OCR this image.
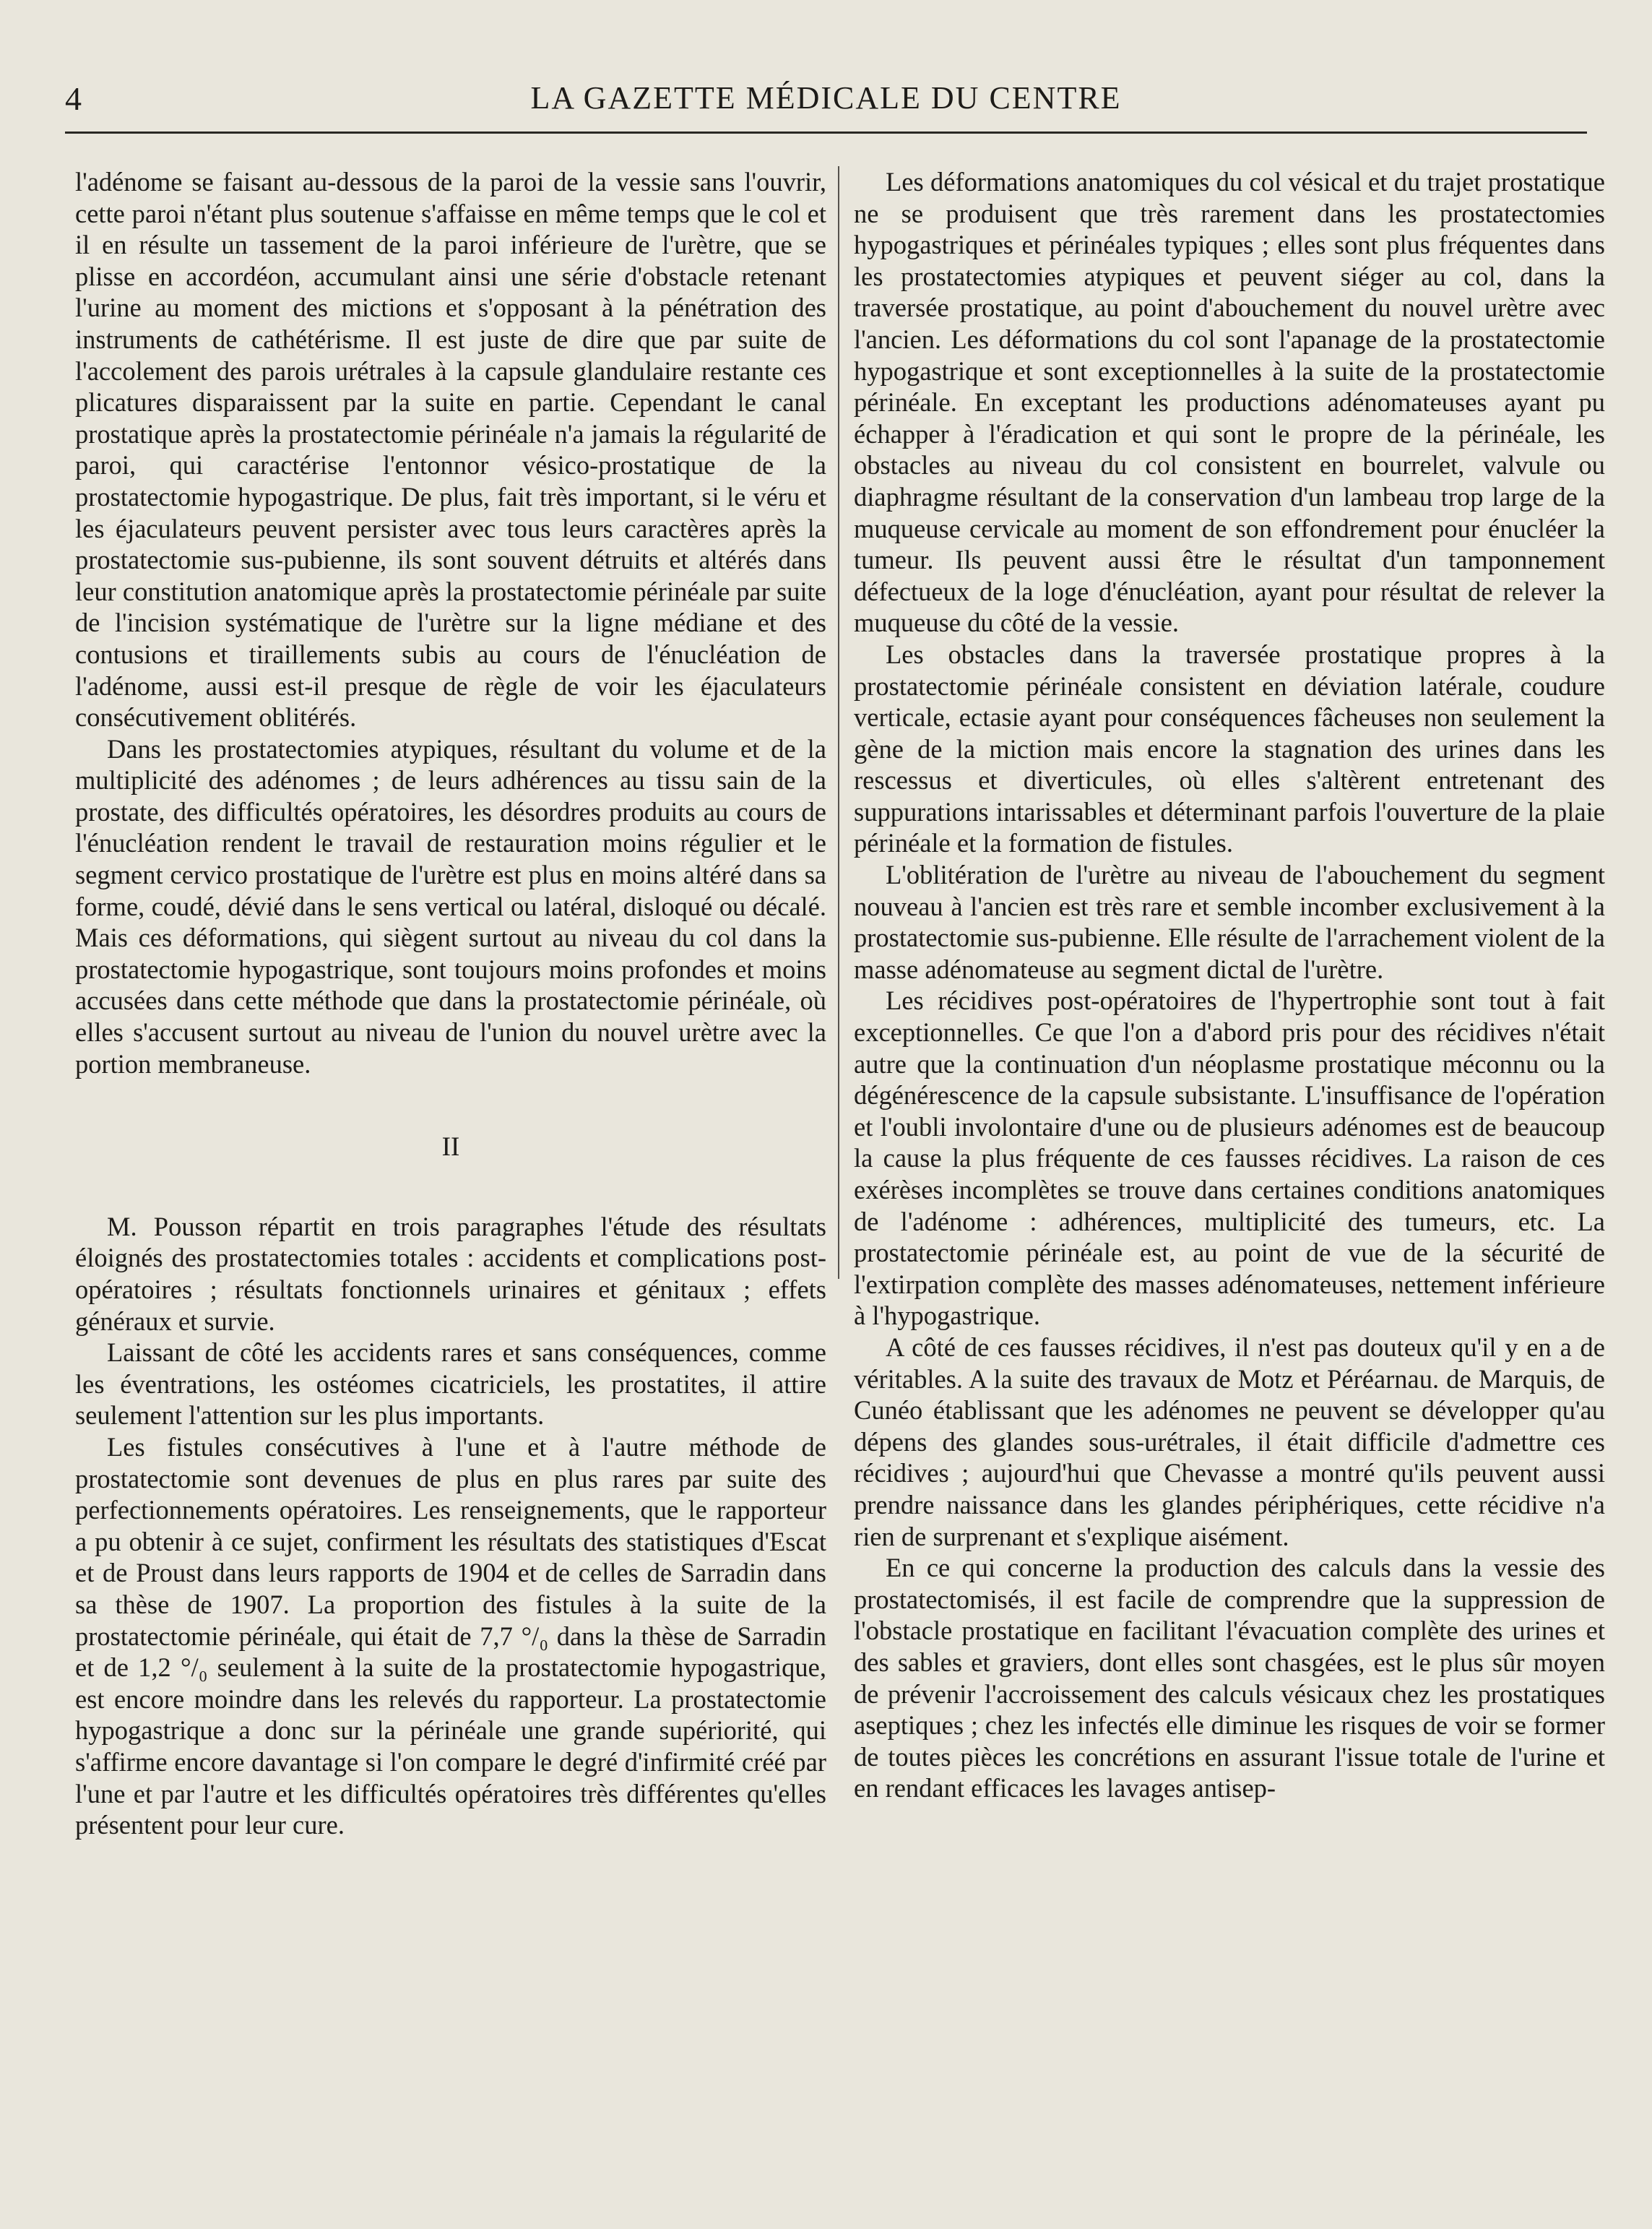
4	LA GAZETTE MÉDICALE DU CENTRE

l'adénome se faisant au-dessous de la paroi de la vessie sans l'ouvrir, cette paroi n'étant plus soutenue s'affaisse en même temps que le col et il en résulte un tassement de la paroi inférieure de l'urètre, que se plisse en accordéon, accumulant ainsi une série d'obstacle retenant l'urine au moment des mictions et s'opposant à la pénétration des instruments de cathétérisme. Il est juste de dire que par suite de l'accolement des parois urétrales à la capsule glandulaire restante ces plicatures disparaissent par la suite en partie. Cependant le canal prostatique après la prostatectomie périnéale n'a jamais la régularité de paroi, qui caractérise l'entonnor vésico-prostatique de la prostatectomie hypogastrique. De plus, fait très important, si le véru et les éjaculateurs peuvent persister avec tous leurs caractères après la prostatectomie sus-pubienne, ils sont souvent détruits et altérés dans leur constitution anatomique après la prostatectomie périnéale par suite de l'incision systématique de l'urètre sur la ligne médiane et des contusions et tiraillements subis au cours de l'énucléation de l'adénome, aussi est-il presque de règle de voir les éjaculateurs consécutivement oblitérés.

Dans les prostatectomies atypiques, résultant du volume et de la multiplicité des adénomes ; de leurs adhérences au tissu sain de la prostate, des difficultés opératoires, les désordres produits au cours de l'énucléation rendent le travail de restauration moins régulier et le segment cervico prostatique de l'urètre est plus en moins altéré dans sa forme, coudé, dévié dans le sens vertical ou latéral, disloqué ou décalé. Mais ces déformations, qui siègent surtout au niveau du col dans la prostatectomie hypogastrique, sont toujours moins profondes et moins accusées dans cette méthode que dans la prostatectomie périnéale, où elles s'accusent surtout au niveau de l'union du nouvel urètre avec la portion membraneuse.

II

M. Pousson répartit en trois paragraphes l'étude des résultats éloignés des prostatectomies totales : accidents et complications post-opératoires ; résultats fonctionnels urinaires et génitaux ; effets généraux et survie.

Laissant de côté les accidents rares et sans conséquences, comme les éventrations, les ostéomes cicatriciels, les prostatites, il attire seulement l'attention sur les plus importants.

Les fistules consécutives à l'une et à l'autre méthode de prostatectomie sont devenues de plus en plus rares par suite des perfectionnements opératoires. Les renseignements, que le rapporteur a pu obtenir à ce sujet, confirment les résultats des statistiques d'Escat et de Proust dans leurs rapports de 1904 et de celles de Sarradin dans sa thèse de 1907. La proportion des fistules à la suite de la prostatectomie périnéale, qui était de 7,7 °/₀ dans la thèse de Sarradin et de 1,2 °/₀ seulement à la suite de la prostatectomie hypogastrique, est encore moindre dans les relevés du rapporteur. La prostatectomie hypogastrique a donc sur la périnéale une grande supériorité, qui s'affirme encore davantage si l'on compare le degré d'infirmité créé par l'une et par l'autre et les difficultés opératoires très différentes qu'elles présentent pour leur cure.

Les déformations anatomiques du col vésical et du trajet prostatique ne se produisent que très rarement dans les prostatectomies hypogastriques et périnéales typiques ; elles sont plus fréquentes dans les prostatectomies atypiques et peuvent siéger au col, dans la traversée prostatique, au point d'abouchement du nouvel urètre avec l'ancien. Les déformations du col sont l'apanage de la prostatectomie hypogastrique et sont exceptionnelles à la suite de la prostatectomie périnéale. En exceptant les productions adénomateuses ayant pu échapper à l'éradication et qui sont le propre de la périnéale, les obstacles au niveau du col consistent en bourrelet, valvule ou diaphragme résultant de la conservation d'un lambeau trop large de la muqueuse cervicale au moment de son effondrement pour énucléer la tumeur. Ils peuvent aussi être le résultat d'un tamponnement défectueux de la loge d'énucléation, ayant pour résultat de relever la muqueuse du côté de la vessie.

Les obstacles dans la traversée prostatique propres à la prostatectomie périnéale consistent en déviation latérale, coudure verticale, ectasie ayant pour conséquences fâcheuses non seulement la gène de la miction mais encore la stagnation des urines dans les rescessus et diverticules, où elles s'altèrent entretenant des suppurations intarissables et déterminant parfois l'ouverture de la plaie périnéale et la formation de fistules.

L'oblitération de l'urètre au niveau de l'abouchement du segment nouveau à l'ancien est très rare et semble incomber exclusivement à la prostatectomie sus-pubienne. Elle résulte de l'arrachement violent de la masse adénomateuse au segment dictal de l'urètre.

Les récidives post-opératoires de l'hypertrophie sont tout à fait exceptionnelles. Ce que l'on a d'abord pris pour des récidives n'était autre que la continuation d'un néoplasme prostatique méconnu ou la dégénérescence de la capsule subsistante. L'insuffisance de l'opération et l'oubli involontaire d'une ou de plusieurs adénomes est de beaucoup la cause la plus fréquente de ces fausses récidives. La raison de ces exérèses incomplètes se trouve dans certaines conditions anatomiques de l'adénome : adhérences, multiplicité des tumeurs, etc. La prostatectomie périnéale est, au point de vue de la sécurité de l'extirpation complète des masses adénomateuses, nettement inférieure à l'hypogastrique.

A côté de ces fausses récidives, il n'est pas douteux qu'il y en a de véritables. A la suite des travaux de Motz et Péréarnau. de Marquis, de Cunéo établissant que les adénomes ne peuvent se développer qu'au dépens des glandes sous-urétrales, il était difficile d'admettre ces récidives ; aujourd'hui que Chevasse a montré qu'ils peuvent aussi prendre naissance dans les glandes périphériques, cette récidive n'a rien de surprenant et s'explique aisément.

En ce qui concerne la production des calculs dans la vessie des prostatectomisés, il est facile de comprendre que la suppression de l'obstacle prostatique en facilitant l'évacuation complète des urines et des sables et graviers, dont elles sont chasgées, est le plus sûr moyen de prévenir l'accroissement des calculs vésicaux chez les prostatiques aseptiques ; chez les infectés elle diminue les risques de voir se former de toutes pièces les concrétions en assurant l'issue totale de l'urine et en rendant efficaces les lavages antisep-
